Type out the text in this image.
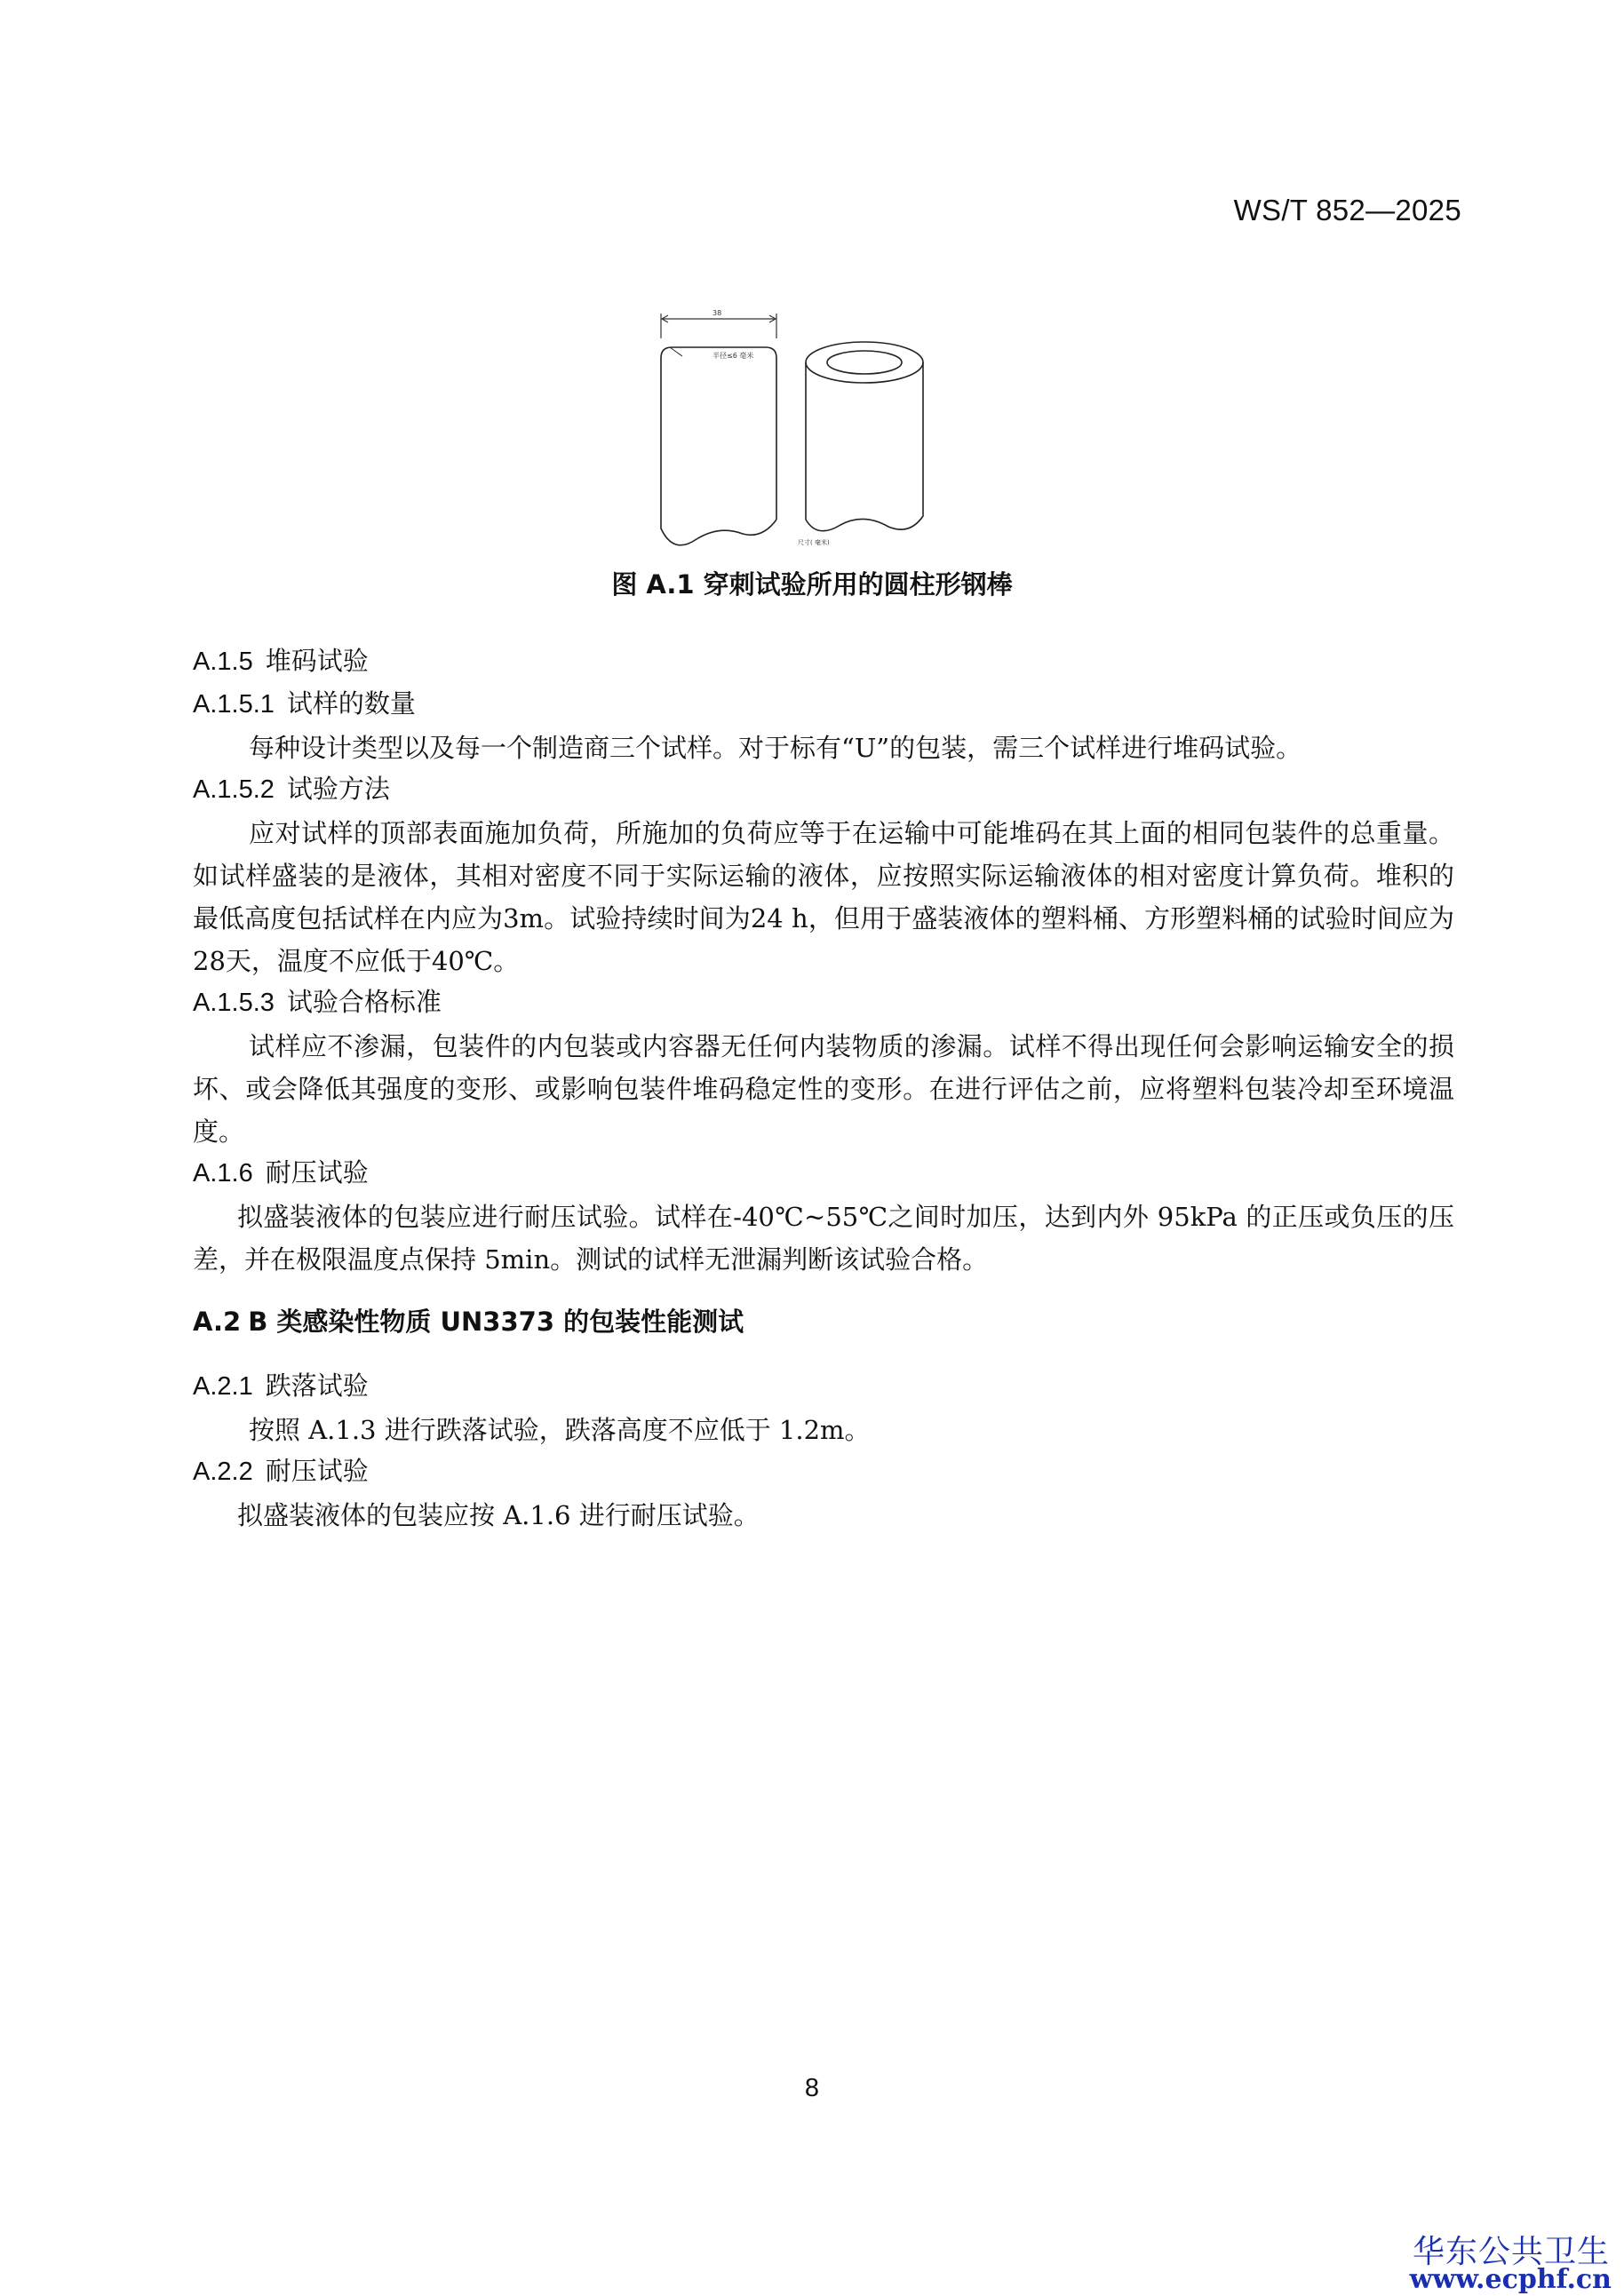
WS/T 852—2025
38
半径≤6 毫米
尺寸( 毫米)
图 A.1 穿刺试验所用的圆柱形钢棒
A.1.5 堆码试验
A.1.5.1 试样的数量
每种设计类型以及每一个制造商三个试样。对于标有“U”的包装，需三个试样进行堆码试验。
A.1.5.2 试验方法
应对试样的顶部表面施加负荷，所施加的负荷应等于在运输中可能堆码在其上面的相同包装件的总重量。如试样盛装的是液体，其相对密度不同于实际运输的液体，应按照实际运输液体的相对密度计算负荷。堆积的最低高度包括试样在内应为3m。试验持续时间为24 h，但用于盛装液体的塑料桶、方形塑料桶的试验时间应为28天，温度不应低于40℃。
A.1.5.3 试验合格标准
试样应不渗漏，包装件的内包装或内容器无任何内装物质的渗漏。试样不得出现任何会影响运输安全的损坏、或会降低其强度的变形、或影响包装件堆码稳定性的变形。在进行评估之前，应将塑料包装冷却至环境温度。
A.1.6 耐压试验
拟盛装液体的包装应进行耐压试验。试样在-40℃~55℃之间时加压，达到内外 95kPa 的正压或负压的压差，并在极限温度点保持 5min。测试的试样无泄漏判断该试验合格。
A.2 B 类感染性物质 UN3373 的包装性能测试
A.2.1 跌落试验
按照 A.1.3 进行跌落试验，跌落高度不应低于 1.2m。
A.2.2 耐压试验
拟盛装液体的包装应按 A.1.6 进行耐压试验。
8
华东公共卫生
www.ecphf.cn
